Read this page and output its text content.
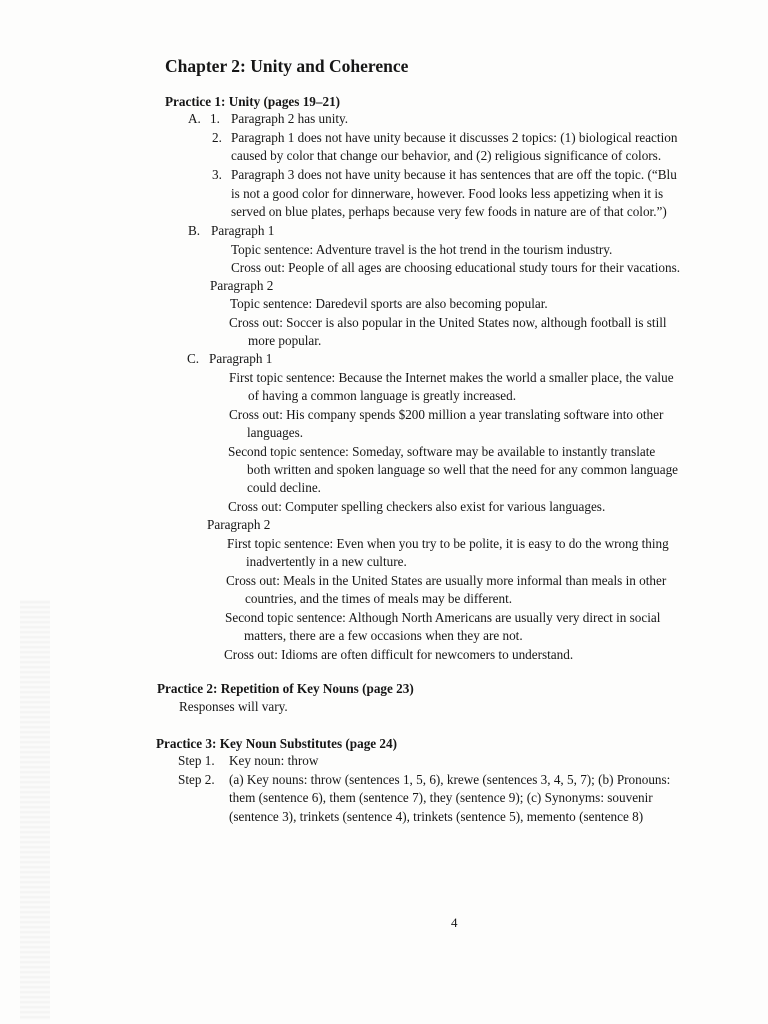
Chapter 2: Unity and Coherence
Practice 1: Unity (pages 19–21)
A. 1. Paragraph 2 has unity.
2. Paragraph 1 does not have unity because it discusses 2 topics: (1) biological reaction
caused by color that change our behavior, and (2) religious significance of colors.
3. Paragraph 3 does not have unity because it has sentences that are off the topic. (“Blu
is not a good color for dinnerware, however. Food looks less appetizing when it is
served on blue plates, perhaps because very few foods in nature are of that color.”)
B. Paragraph 1
Topic sentence: Adventure travel is the hot trend in the tourism industry.
Cross out: People of all ages are choosing educational study tours for their vacations.
Paragraph 2
Topic sentence: Daredevil sports are also becoming popular.
Cross out: Soccer is also popular in the United States now, although football is still
more popular.
C. Paragraph 1
First topic sentence: Because the Internet makes the world a smaller place, the value
of having a common language is greatly increased.
Cross out: His company spends $200 million a year translating software into other
languages.
Second topic sentence: Someday, software may be available to instantly translate
both written and spoken language so well that the need for any common language
could decline.
Cross out: Computer spelling checkers also exist for various languages.
Paragraph 2
First topic sentence: Even when you try to be polite, it is easy to do the wrong thing
inadvertently in a new culture.
Cross out: Meals in the United States are usually more informal than meals in other
countries, and the times of meals may be different.
Second topic sentence: Although North Americans are usually very direct in social
matters, there are a few occasions when they are not.
Cross out: Idioms are often difficult for newcomers to understand.
Practice 2: Repetition of Key Nouns (page 23)
Responses will vary.
Practice 3: Key Noun Substitutes (page 24)
Step 1. Key noun: throw
Step 2. (a) Key nouns: throw (sentences 1, 5, 6), krewe (sentences 3, 4, 5, 7); (b) Pronouns:
them (sentence 6), them (sentence 7), they (sentence 9); (c) Synonyms: souvenir
(sentence 3), trinkets (sentence 4), trinkets (sentence 5), memento (sentence 8)
4
